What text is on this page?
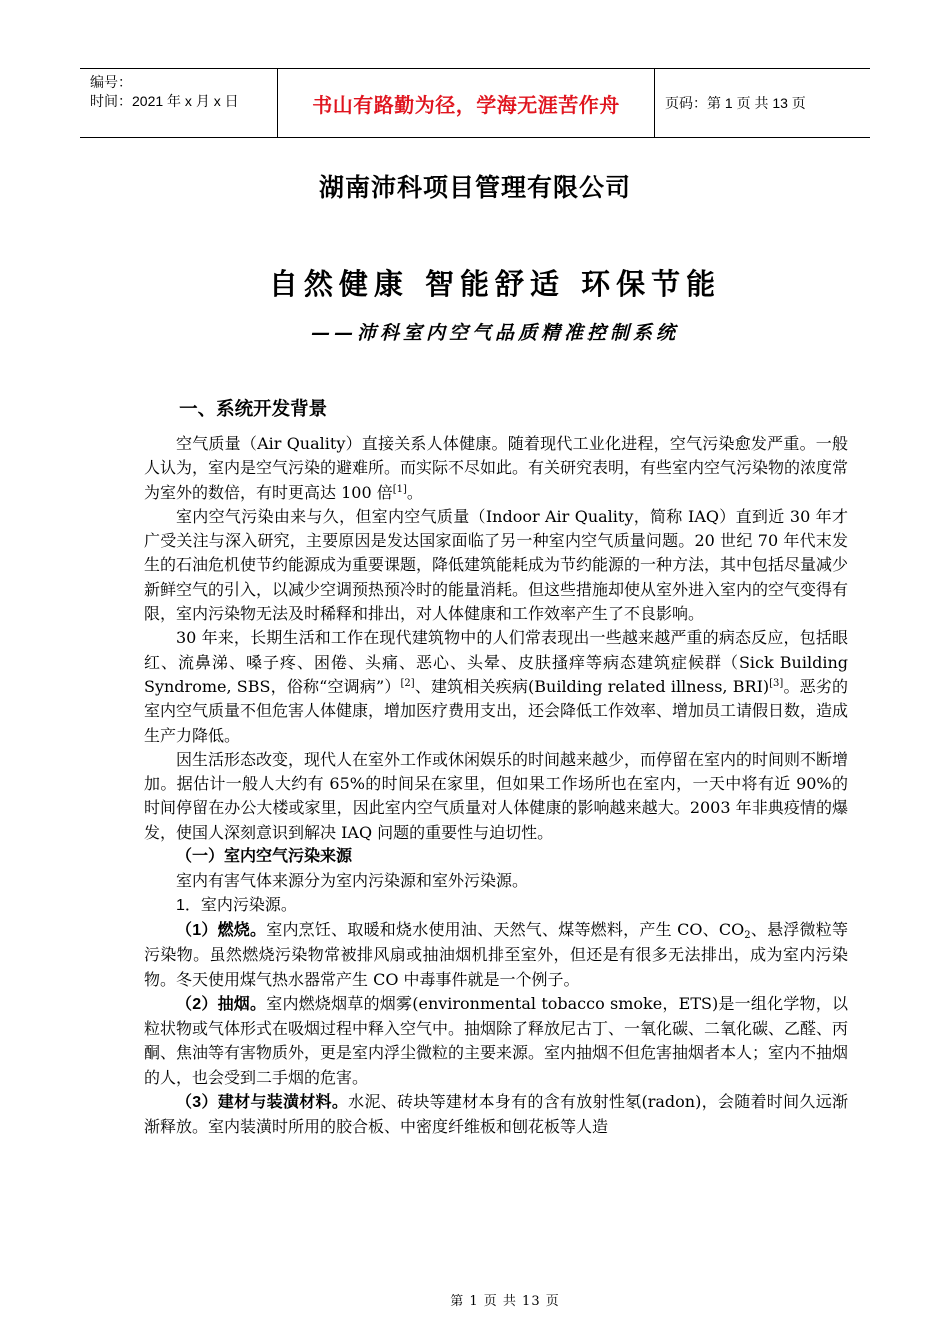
编号：
时间：2021 年 x 月 x 日	书山有路勤为径，学海无涯苦作舟	页码：第 1 页 共 13 页
湖南沛科项目管理有限公司
自然健康 智能舒适 环保节能
——沛科室内空气品质精准控制系统
一、系统开发背景

空气质量（Air Quality）直接关系人体健康。随着现代工业化进程，空气污染愈发严重。一般人认为，室内是空气污染的避难所。而实际不尽如此。有关研究表明，有些室内空气污染物的浓度常为室外的数倍，有时更高达 100 倍[1]。

室内空气污染由来与久，但室内空气质量（Indoor Air Quality，简称 IAQ）直到近 30 年才广受关注与深入研究，主要原因是发达国家面临了另一种室内空气质量问题。20 世纪 70 年代末发生的石油危机使节约能源成为重要课题，降低建筑能耗成为节约能源的一种方法，其中包括尽量减少新鲜空气的引入，以减少空调预热预冷时的能量消耗。但这些措施却使从室外进入室内的空气变得有限，室内污染物无法及时稀释和排出，对人体健康和工作效率产生了不良影响。

30 年来，长期生活和工作在现代建筑物中的人们常表现出一些越来越严重的病态反应，包括眼红、流鼻涕、嗓子疼、困倦、头痛、恶心、头晕、皮肤搔痒等病态建筑症候群（Sick Building Syndrome, SBS，俗称“空调病”）[2]、建筑相关疾病(Building related illness, BRI)[3]。恶劣的室内空气质量不但危害人体健康，增加医疗费用支出，还会降低工作效率、增加员工请假日数，造成生产力降低。

因生活形态改变，现代人在室外工作或休闲娱乐的时间越来越少，而停留在室内的时间则不断增加。据估计一般人大约有 65%的时间呆在家里，但如果工作场所也在室内，一天中将有近 90%的时间停留在办公大楼或家里，因此室内空气质量对人体健康的影响越来越大。2003 年非典疫情的爆发，使国人深刻意识到解决 IAQ 问题的重要性与迫切性。

（一）室内空气污染来源

室内有害气体来源分为室内污染源和室外污染源。

1．室内污染源。

（1）燃烧。室内烹饪、取暖和烧水使用油、天然气、煤等燃料，产生 CO、$CO_2$、悬浮微粒等污染物。虽然燃烧污染物常被排风扇或抽油烟机排至室外，但还是有很多无法排出，成为室内污染物。冬天使用煤气热水器常产生 CO 中毒事件就是一个例子。

（2）抽烟。室内燃烧烟草的烟雾(environmental tobacco smoke，ETS)是一组化学物，以粒状物或气体形式在吸烟过程中释入空气中。抽烟除了释放尼古丁、一氧化碳、二氧化碳、乙醛、丙酮、焦油等有害物质外，更是室内浮尘微粒的主要来源。室内抽烟不但危害抽烟者本人；室内不抽烟的人，也会受到二手烟的危害。

（3）建材与装潢材料。水泥、砖块等建材本身有的含有放射性氡(radon)，会随着时间久远渐渐释放。室内装潢时所用的胶合板、中密度纤维板和刨花板等人造

第 1 页 共 13 页
